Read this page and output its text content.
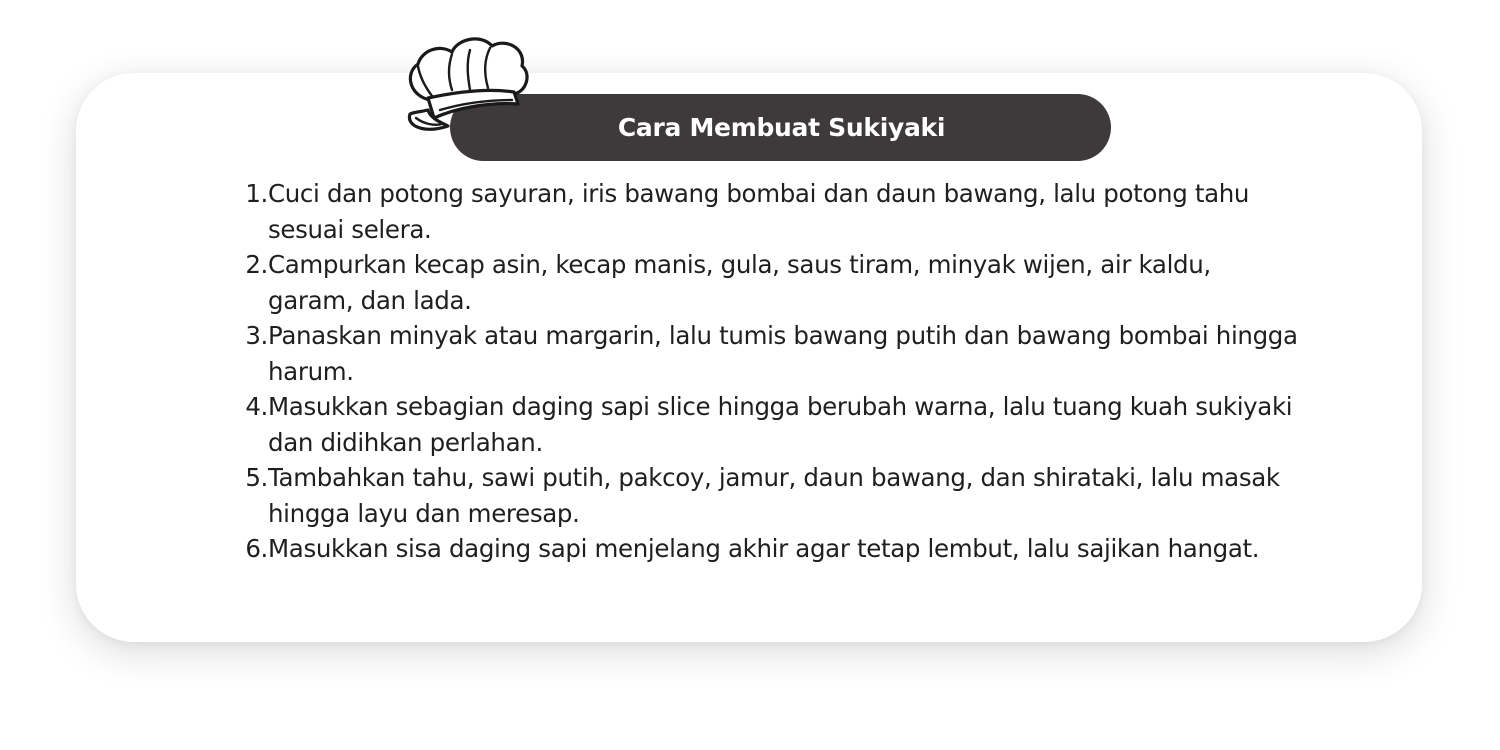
Cara Membuat Sukiyaki
1. Cuci dan potong sayuran, iris bawang bombai dan daun bawang, lalu potong tahu sesuai selera.
2. Campurkan kecap asin, kecap manis, gula, saus tiram, minyak wijen, air kaldu, garam, dan lada.
3. Panaskan minyak atau margarin, lalu tumis bawang putih dan bawang bombai hingga harum.
4. Masukkan sebagian daging sapi slice hingga berubah warna, lalu tuang kuah sukiyaki dan didihkan perlahan.
5. Tambahkan tahu, sawi putih, pakcoy, jamur, daun bawang, dan shirataki, lalu masak hingga layu dan meresap.
6. Masukkan sisa daging sapi menjelang akhir agar tetap lembut, lalu sajikan hangat.
